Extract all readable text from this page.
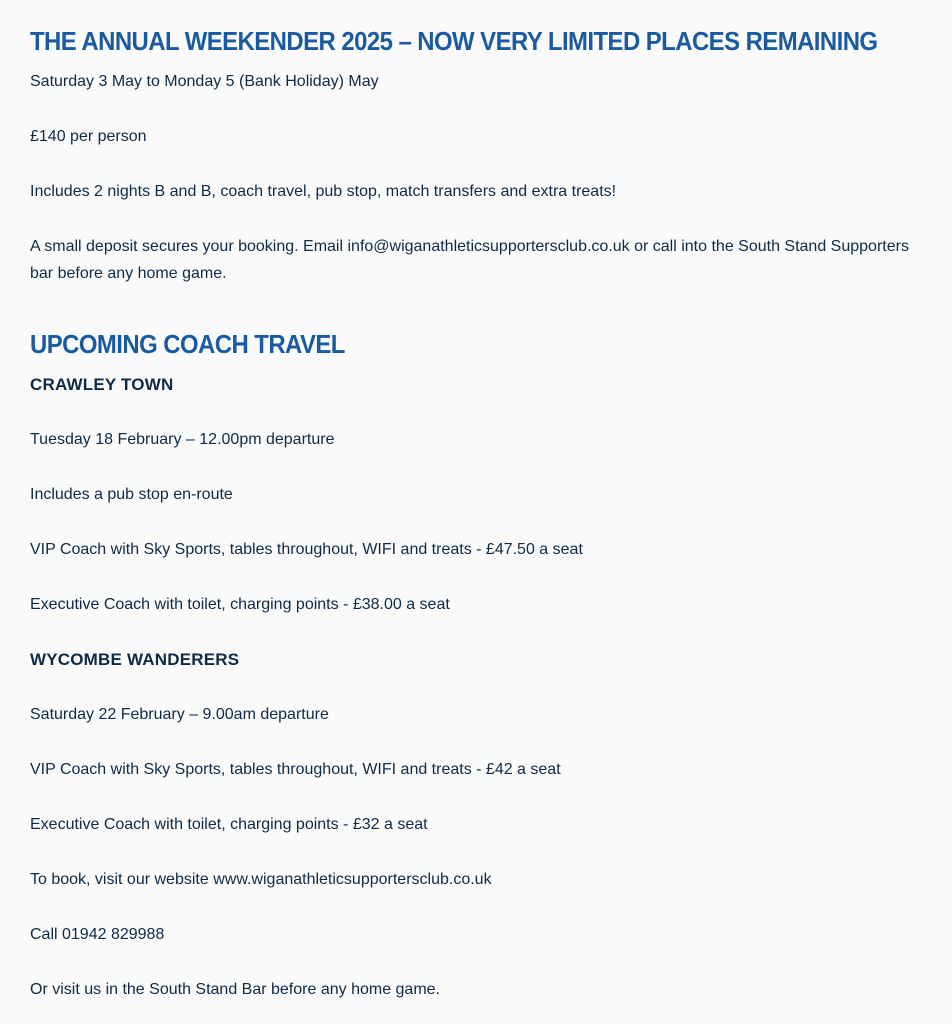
THE ANNUAL WEEKENDER 2025 – NOW VERY LIMITED PLACES REMAINING

Saturday 3 May to Monday 5 (Bank Holiday) May

£140 per person

Includes 2 nights B and B, coach travel, pub stop, match transfers and extra treats!

A small deposit secures your booking. Email info@wiganathleticsupportersclub.co.uk or call into the South Stand Supporters bar before any home game.

UPCOMING COACH TRAVEL

CRAWLEY TOWN

Tuesday 18 February – 12.00pm departure

Includes a pub stop en-route

VIP Coach with Sky Sports, tables throughout, WIFI and treats - £47.50 a seat

Executive Coach with toilet, charging points - £38.00 a seat

WYCOMBE WANDERERS

Saturday 22 February – 9.00am departure

VIP Coach with Sky Sports, tables throughout, WIFI and treats - £42 a seat

Executive Coach with toilet, charging points - £32 a seat

To book, visit our website www.wiganathleticsupportersclub.co.uk

Call 01942 829988

Or visit us in the South Stand Bar before any home game.
